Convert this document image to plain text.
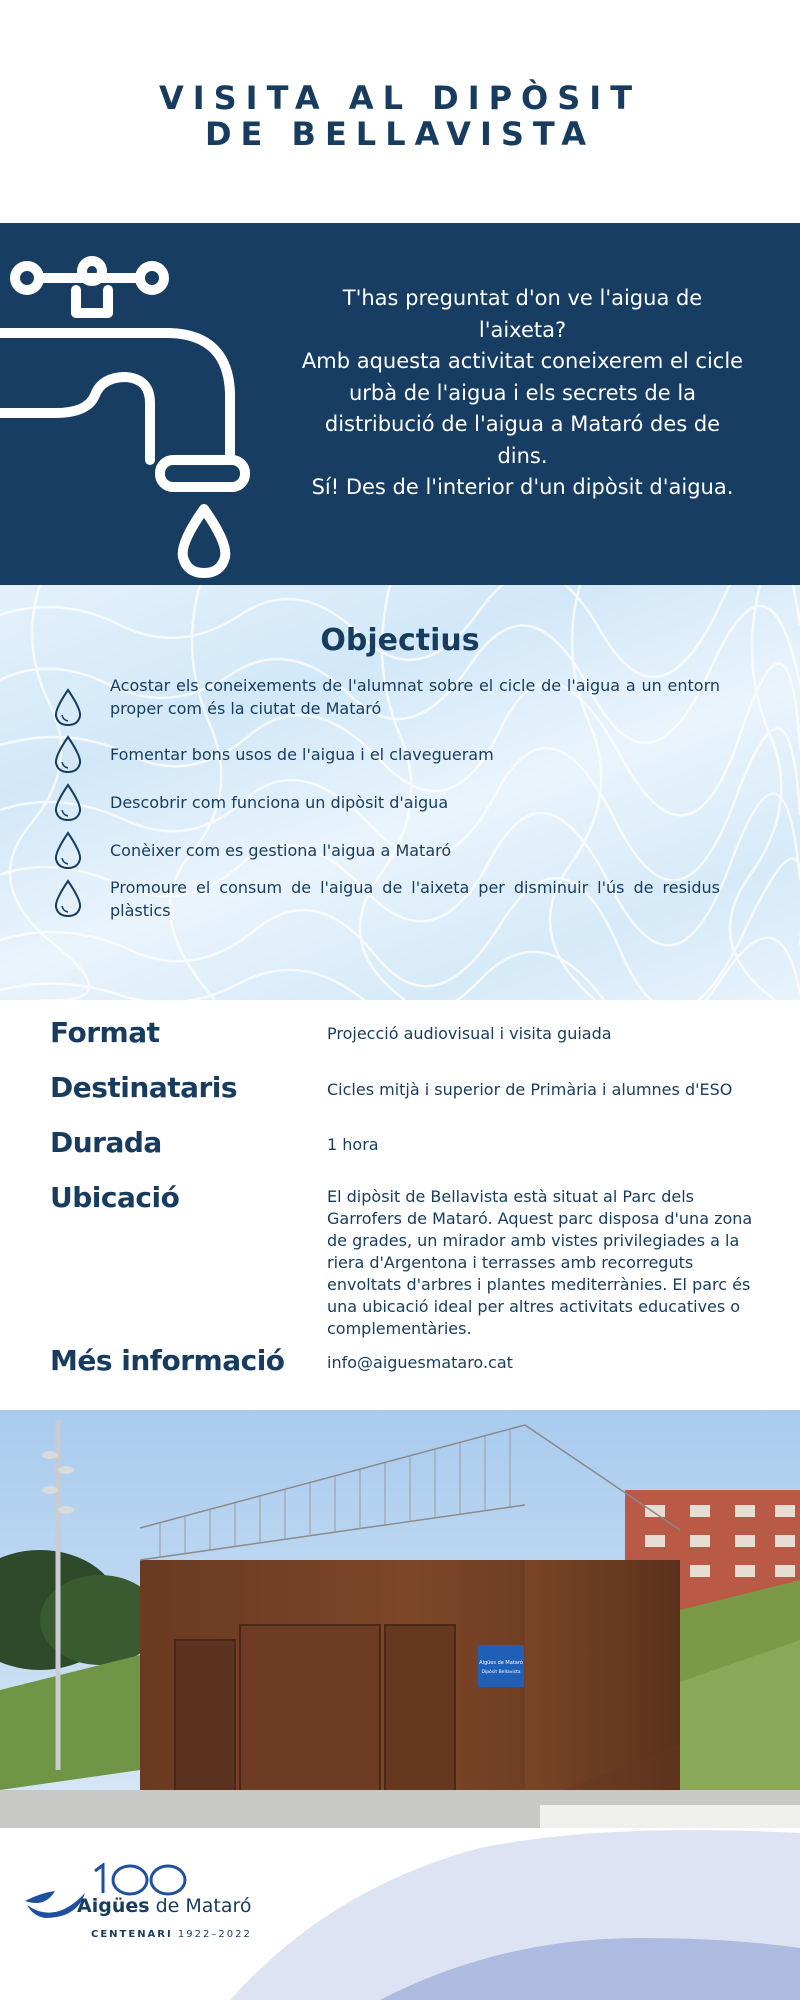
VISITA AL DIPÒSIT
DE BELLAVISTA
T'has preguntat d'on ve l'aigua de
l'aixeta?
Amb aquesta activitat coneixerem el cicle
urbà de l'aigua i els secrets de la
distribució de l'aigua a Mataró des de
dins.
Sí! Des de l'interior d'un dipòsit d'aigua.
Objectius
Acostar els coneixements de l'alumnat sobre el cicle de l'aigua a un entorn proper com és la ciutat de Mataró
Fomentar bons usos de l'aigua i el clavegueram
Descobrir com funciona un dipòsit d'aigua
Conèixer com es gestiona l'aigua a Mataró
Promoure el consum de l'aigua de l'aixeta per disminuir l'ús de residus plàstics
Format	Projecció audiovisual i visita guiada
Destinataris	Cicles mitjà i superior de Primària i alumnes d'ESO
Durada	1 hora
Ubicació	El dipòsit de Bellavista està situat al Parc dels Garrofers de Mataró. Aquest parc disposa d'una zona de grades, un mirador amb vistes privilegiades a la riera d'Argentona i terrasses amb recorreguts envoltats d'arbres i plantes mediterrànies. El parc és una ubicació ideal per altres activitats educatives o complementàries.
Més informació	info@aiguesmataro.cat
Aigües de Mataró
Dipòsit Bellavista
100
Aigües de Mataró
CENTENARI 1922–2022
